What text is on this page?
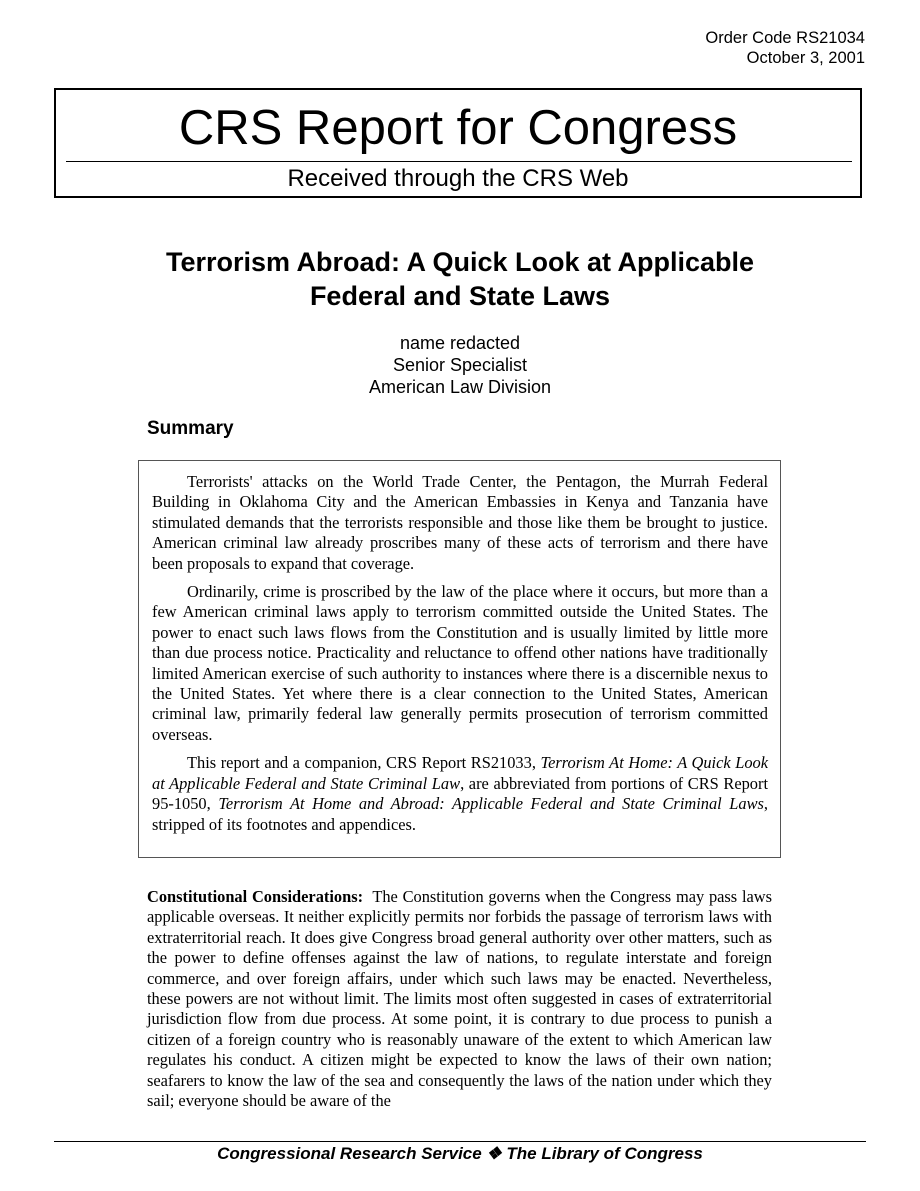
Order Code RS21034
October 3, 2001
CRS Report for Congress
Received through the CRS Web
Terrorism Abroad: A Quick Look at Applicable Federal and State Laws
name redacted
Senior Specialist
American Law Division
Summary

Terrorists' attacks on the World Trade Center, the Pentagon, the Murrah Federal Building in Oklahoma City and the American Embassies in Kenya and Tanzania have stimulated demands that the terrorists responsible and those like them be brought to justice. American criminal law already proscribes many of these acts of terrorism and there have been proposals to expand that coverage.

Ordinarily, crime is proscribed by the law of the place where it occurs, but more than a few American criminal laws apply to terrorism committed outside the United States. The power to enact such laws flows from the Constitution and is usually limited by little more than due process notice. Practicality and reluctance to offend other nations have traditionally limited American exercise of such authority to instances where there is a discernible nexus to the United States. Yet where there is a clear connection to the United States, American criminal law, primarily federal law generally permits prosecution of terrorism committed overseas.

This report and a companion, CRS Report RS21033, Terrorism At Home: A Quick Look at Applicable Federal and State Criminal Law, are abbreviated from portions of CRS Report 95-1050, Terrorism At Home and Abroad: Applicable Federal and State Criminal Laws, stripped of its footnotes and appendices.

Constitutional Considerations: The Constitution governs when the Congress may pass laws applicable overseas. It neither explicitly permits nor forbids the passage of terrorism laws with extraterritorial reach. It does give Congress broad general authority over other matters, such as the power to define offenses against the law of nations, to regulate interstate and foreign commerce, and over foreign affairs, under which such laws may be enacted. Nevertheless, these powers are not without limit. The limits most often suggested in cases of extraterritorial jurisdiction flow from due process. At some point, it is contrary to due process to punish a citizen of a foreign country who is reasonably unaware of the extent to which American law regulates his conduct. A citizen might be expected to know the laws of their own nation; seafarers to know the law of the sea and consequently the laws of the nation under which they sail; everyone should be aware of the

Congressional Research Service ❖ The Library of Congress
